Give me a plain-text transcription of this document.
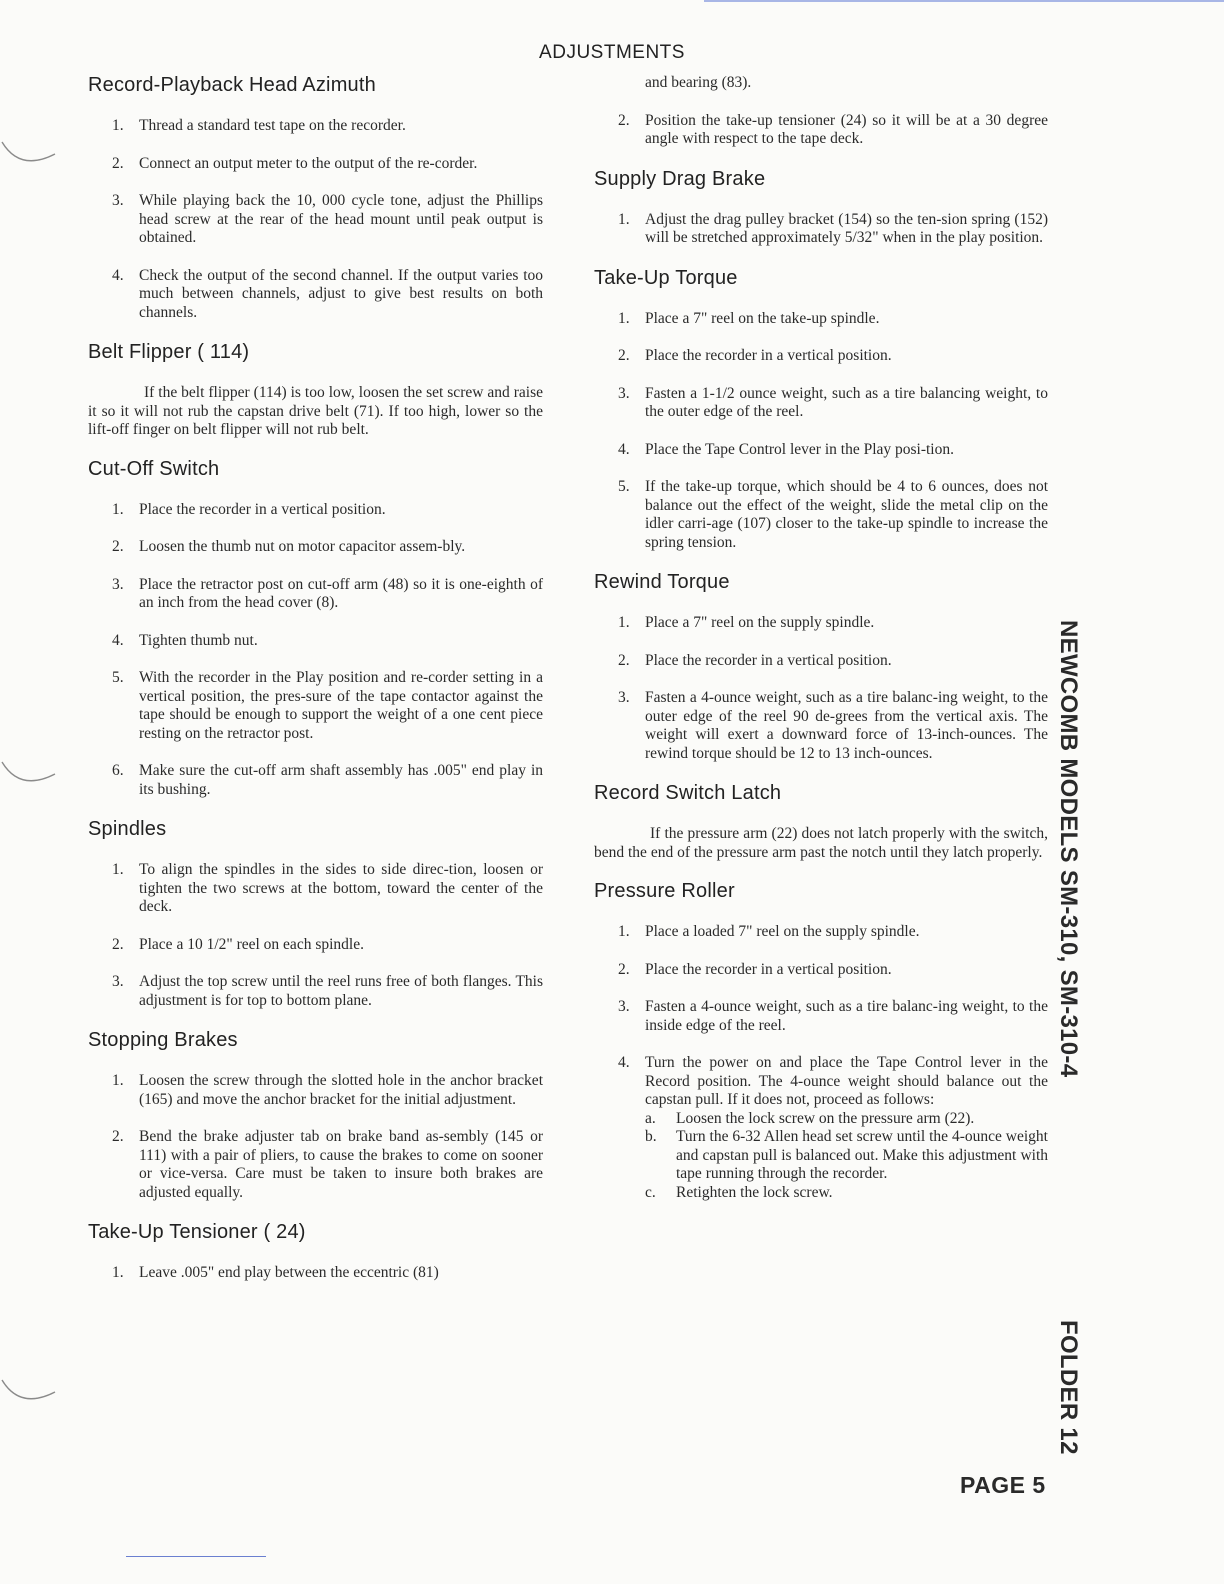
ADJUSTMENTS
Record-Playback Head Azimuth
1. Thread a standard test tape on the recorder.
2. Connect an output meter to the output of the re-corder.
3. While playing back the 10, 000 cycle tone, adjust the Phillips head screw at the rear of the head mount until peak output is obtained.
4. Check the output of the second channel. If the output varies too much between channels, adjust to give best results on both channels.
Belt Flipper ( 114)

If the belt flipper (114) is too low, loosen the set screw and raise it so it will not rub the capstan drive belt (71). If too high, lower so the lift-off finger on belt flipper will not rub belt.

Cut-Off Switch
1. Place the recorder in a vertical position.
2. Loosen the thumb nut on motor capacitor assem-bly.
3. Place the retractor post on cut-off arm (48) so it is one-eighth of an inch from the head cover (8).
4. Tighten thumb nut.
5. With the recorder in the Play position and re-corder setting in a vertical position, the pres-sure of the tape contactor against the tape should be enough to support the weight of a one cent piece resting on the retractor post.
6. Make sure the cut-off arm shaft assembly has .005" end play in its bushing.
Spindles
1. To align the spindles in the sides to side direc-tion, loosen or tighten the two screws at the bottom, toward the center of the deck.
2. Place a 10 1/2" reel on each spindle.
3. Adjust the top screw until the reel runs free of both flanges. This adjustment is for top to bottom plane.
Stopping Brakes
1. Loosen the screw through the slotted hole in the anchor bracket (165) and move the anchor bracket for the initial adjustment.
2. Bend the brake adjuster tab on brake band as-sembly (145 or 111) with a pair of pliers, to cause the brakes to come on sooner or vice-versa. Care must be taken to insure both brakes are adjusted equally.
Take-Up Tensioner ( 24)
1. Leave .005" end play between the eccentric (81)
and bearing (83).
2. Position the take-up tensioner (24) so it will be at a 30 degree angle with respect to the tape deck.
Supply Drag Brake
1. Adjust the drag pulley bracket (154) so the ten-sion spring (152) will be stretched approximately 5/32" when in the play position.
Take-Up Torque
1. Place a 7" reel on the take-up spindle.
2. Place the recorder in a vertical position.
3. Fasten a 1-1/2 ounce weight, such as a tire balancing weight, to the outer edge of the reel.
4. Place the Tape Control lever in the Play posi-tion.
5. If the take-up torque, which should be 4 to 6 ounces, does not balance out the effect of the weight, slide the metal clip on the idler carri-age (107) closer to the take-up spindle to increase the spring tension.
Rewind Torque
1. Place a 7" reel on the supply spindle.
2. Place the recorder in a vertical position.
3. Fasten a 4-ounce weight, such as a tire balanc-ing weight, to the outer edge of the reel 90 de-grees from the vertical axis. The weight will exert a downward force of 13-inch-ounces. The rewind torque should be 12 to 13 inch-ounces.
Record Switch Latch

If the pressure arm (22) does not latch properly with the switch, bend the end of the pressure arm past the notch until they latch properly.

Pressure Roller
1. Place a loaded 7" reel on the supply spindle.
2. Place the recorder in a vertical position.
3. Fasten a 4-ounce weight, such as a tire balanc-ing weight, to the inside edge of the reel.
4. Turn the power on and place the Tape Control lever in the Record position. The 4-ounce weight should balance out the capstan pull. If it does not, proceed as follows:
a. Loosen the lock screw on the pressure arm (22).
b. Turn the 6-32 Allen head set screw until the 4-ounce weight and capstan pull is balanced out. Make this adjustment with tape running through the recorder.
c. Retighten the lock screw.
NEWCOMB MODELS SM-310, SM-310-4
FOLDER 12
PAGE 5
